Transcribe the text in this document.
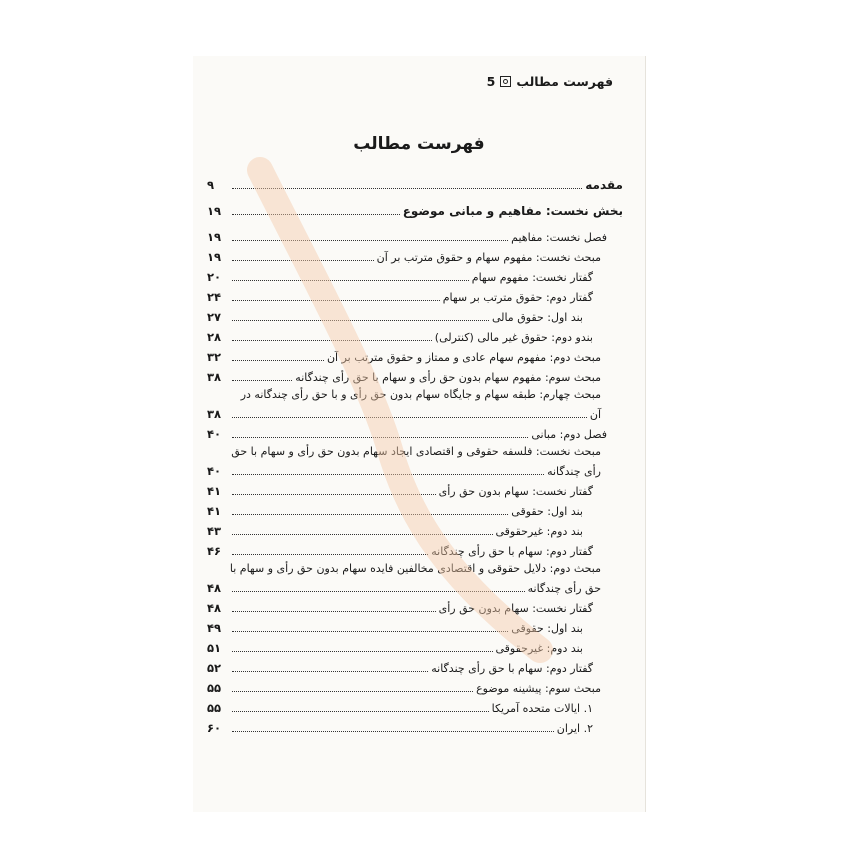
فهرست مطالب
5
فهرست مطالب
مقدمه
۹
بخش نخست: مفاهیم و مبانی موضوع
۱۹
فصل نخست: مفاهیم
۱۹
مبحث نخست: مفهوم سهام و حقوق مترتب بر آن
۱۹
گفتار نخست: مفهوم سهام
۲۰
گفتار دوم: حقوق مترتب بر سهام
۲۴
بند اول: حقوق مالی
۲۷
بندو دوم: حقوق غیر مالی (کنترلی)
۲۸
مبحث دوم: مفهوم سهام عادی و ممتاز و حقوق مترتب بر آن
۳۲
مبحث سوم: مفهوم سهام بدون حق رأی و سهام با حق رأی چندگانه
۳۸
مبحث چهارم: طبقه سهام و جایگاه سهام بدون حق رأی و با حق رأی چندگانه در
آن
۳۸
فصل دوم: مبانی
۴۰
مبحث نخست: فلسفه حقوقی و اقتصادی ایجاد سهام بدون حق رأی و سهام با حق
رأی چندگانه
۴۰
گفتار نخست: سهام بدون حق رأی
۴۱
بند اول: حقوقی
۴۱
بند دوم: غیرحقوقی
۴۳
گفتار دوم: سهام با حق رأی چندگانه
۴۶
مبحث دوم: دلایل حقوقی و اقتصادی مخالفین فایده سهام بدون حق رأی و سهام با
حق رأی چندگانه
۴۸
گفتار نخست: سهام بدون حق رأی
۴۸
بند اول: حقوقی
۴۹
بند دوم: غیرحقوقی
۵۱
گفتار دوم: سهام با حق رأی چندگانه
۵۲
مبحث سوم: پیشینه موضوع
۵۵
۱. ایالات متحده آمریکا
۵۵
۲. ایران
۶۰
